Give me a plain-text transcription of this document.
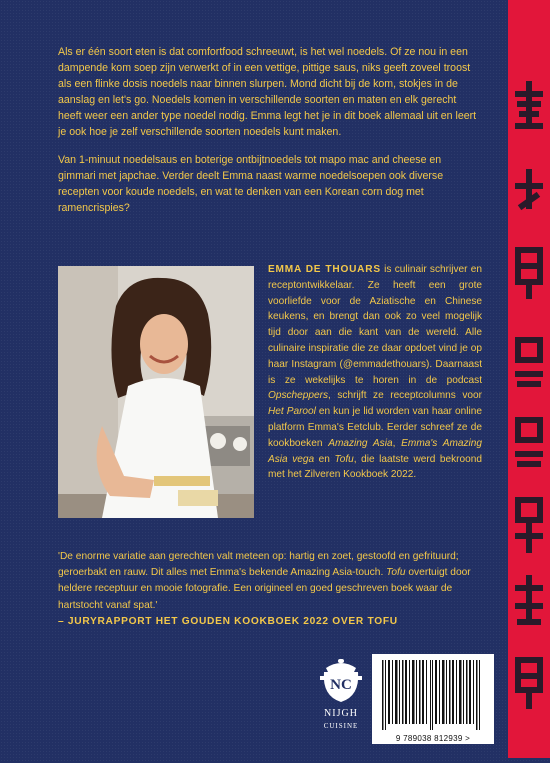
Als er één soort eten is dat comfortfood schreeuwt, is het wel noedels. Of ze nou in een dampende kom soep zijn verwerkt of in een vettige, pittige saus, niks geeft zoveel troost als een flinke dosis noedels naar binnen slurpen. Mond dicht bij de kom, stokjes in de aanslag en let's go. Noedels komen in verschillende soorten en maten en elk gerecht heeft weer een ander type noedel nodig. Emma legt het je in dit boek allemaal uit en leert je ook hoe je zelf verschillende soorten noedels kunt maken.

Van 1-minuut noedelsaus en boterige ontbijtnoedels tot mapo mac and cheese en gimmari met japchae. Verder deelt Emma naast warme noedelsoepen ook diverse recepten voor koude noedels, en wat te denken van een Korean corn dog met ramencrispies?

EMMA DE THOUARS is culinair schrijver en receptontwikkelaar. Ze heeft een grote voorliefde voor de Aziatische en Chinese keukens, en brengt dan ook zo veel mogelijk tijd door aan die kant van de wereld. Alle culinaire inspiratie die ze daar opdoet vind je op haar Instagram (@emmadethouars). Daarnaast is ze wekelijks te horen in de podcast Opscheppers, schrijft ze receptcolumns voor Het Parool en kun je lid worden van haar online platform Emma's Eetclub. Eerder schreef ze de kookboeken Amazing Asia, Emma's Amazing Asia vega en Tofu, die laatste werd bekroond met het Zilveren Kookboek 2022.

'De enorme variatie aan gerechten valt meteen op: hartig en zoet, gestoofd en gefrituurd; geroerbakt en rauw. Dit alles met Emma's bekende Amazing Asia-touch. Tofu overtuigt door heldere receptuur en mooie fotografie. Een origineel en goed geschreven boek waar de hartstocht vanaf spat.'

– JURYRAPPORT HET GOUDEN KOOKBOEK 2022 OVER TOFU

NC
NIJGH
CUISINE
9 789038 812939 >
